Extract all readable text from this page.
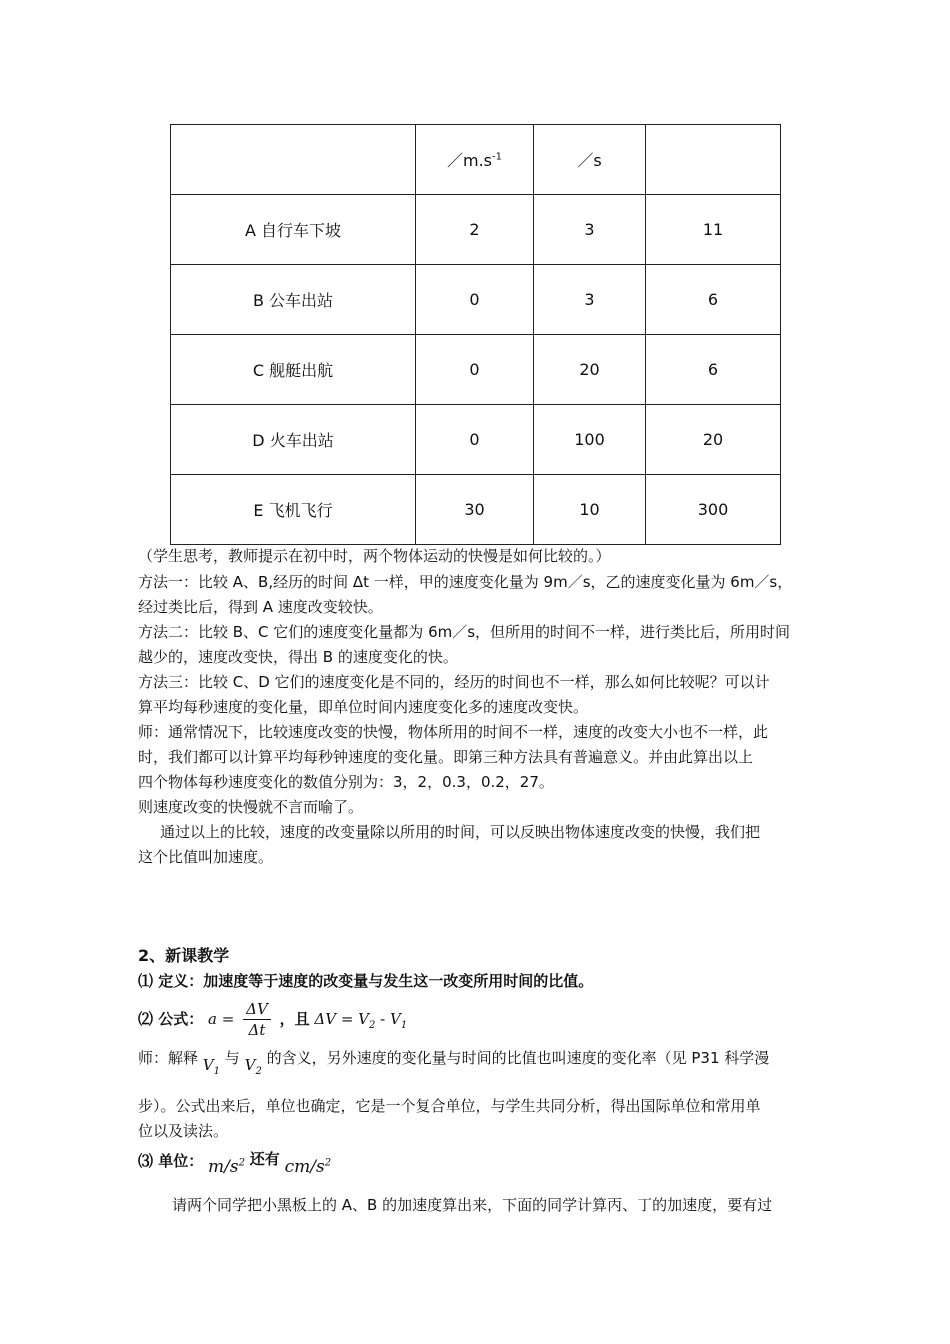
	$/m.s^{-1}$	／s	
A 自行车下坡	2	3	11
B 公车出站	0	3	6
C 舰艇出航	0	20	6
D 火车出站	0	100	20
E 飞机飞行	30	10	300
（学生思考，教师提示在初中时，两个物体运动的快慢是如何比较的。）
方法一：比较 A、B,经历的时间 Δt 一样，甲的速度变化量为 9m／s，乙的速度变化量为 6m／s，
经过类比后，得到 A 速度改变较快。
方法二：比较 B、C 它们的速度变化量都为 6m／s，但所用的时间不一样，进行类比后，所用时间
越少的，速度改变快，得出 B 的速度变化的快。
方法三：比较 C、D 它们的速度变化是不同的，经历的时间也不一样，那么如何比较呢？可以计
算平均每秒速度的变化量，即单位时间内速度变化多的速度改变快。
师：通常情况下，比较速度改变的快慢，物体所用的时间不一样，速度的改变大小也不一样，此
时，我们都可以计算平均每秒钟速度的变化量。即第三种方法具有普遍意义。并由此算出以上
四个物体每秒速度变化的数值分别为：3，2，0.3，0.2，27。
则速度改变的快慢就不言而喻了。
通过以上的比较，速度的改变量除以所用的时间，可以反映出物体速度改变的快慢，我们把
这个比值叫加速度。
2、新课教学
⑴ 定义：加速度等于速度的改变量与发生这一改变所用时间的比值。
⑵ 公式： $a = \frac{\Delta V}{\Delta t}$ ，且 $\Delta V = V_2 - V_1$
师：解释 $V_1$ 与 $V_2$ 的含义，另外速度的变化量与时间的比值也叫速度的变化率（见 P31 科学漫
步）。公式出来后，单位也确定，它是一个复合单位，与学生共同分析，得出国际单位和常用单
位以及读法。
⑶ 单位： $m/s^2$ 还有 $cm/s^2$
请两个同学把小黑板上的 A、B 的加速度算出来，下面的同学计算丙、丁的加速度，要有过
